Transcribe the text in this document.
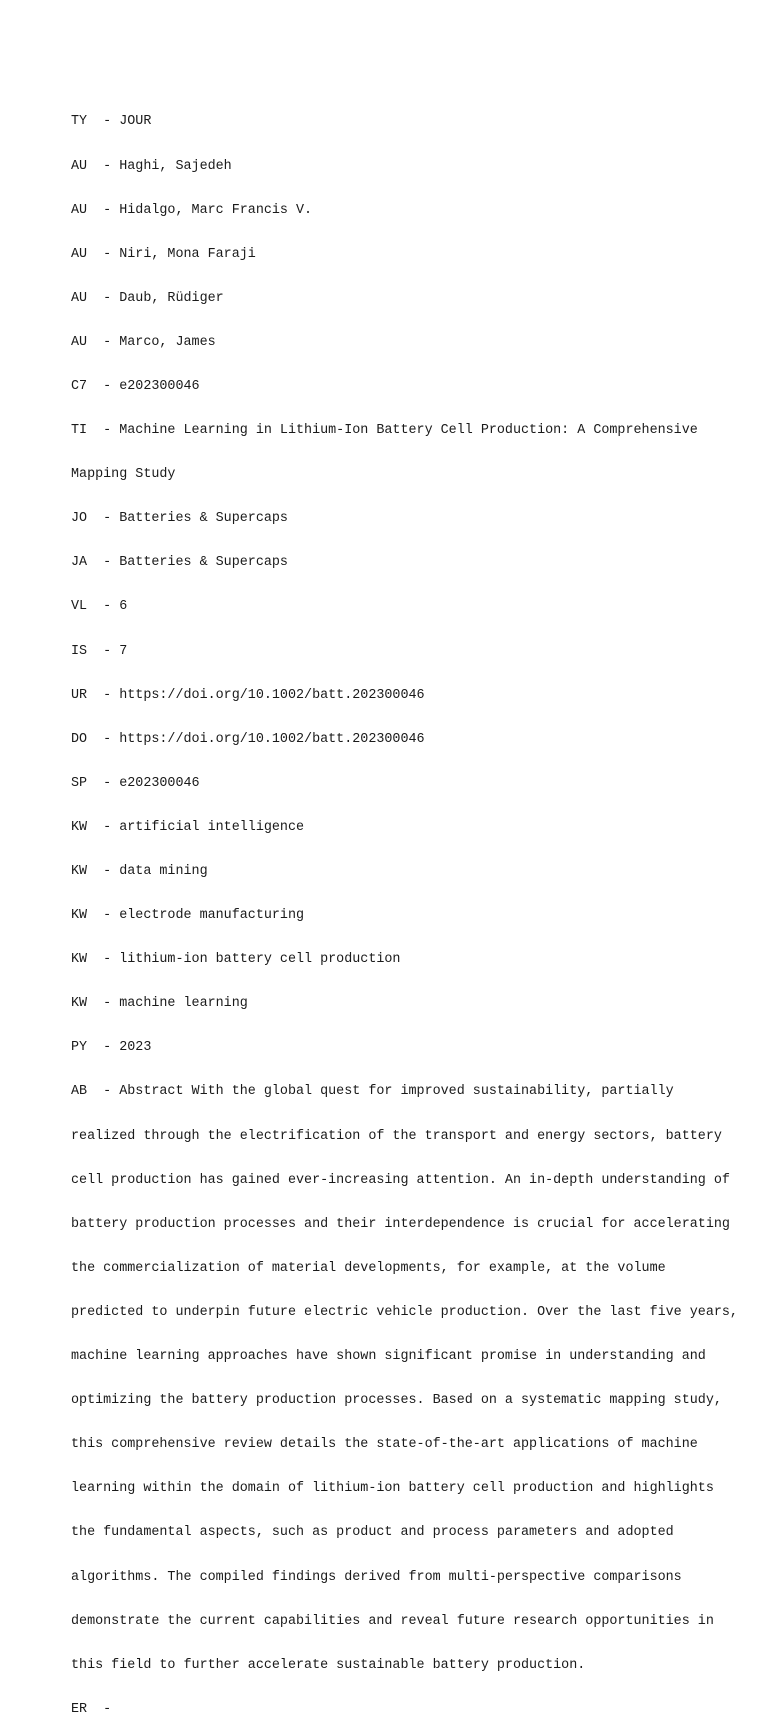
TY  - JOUR

AU  - Haghi, Sajedeh

AU  - Hidalgo, Marc Francis V.

AU  - Niri, Mona Faraji

AU  - Daub, Rüdiger

AU  - Marco, James

C7  - e202300046

TI  - Machine Learning in Lithium-Ion Battery Cell Production: A Comprehensive

Mapping Study

JO  - Batteries & Supercaps

JA  - Batteries & Supercaps

VL  - 6

IS  - 7

UR  - https://doi.org/10.1002/batt.202300046

DO  - https://doi.org/10.1002/batt.202300046

SP  - e202300046

KW  - artificial intelligence

KW  - data mining

KW  - electrode manufacturing

KW  - lithium-ion battery cell production

KW  - machine learning

PY  - 2023

AB  - Abstract With the global quest for improved sustainability, partially

realized through the electrification of the transport and energy sectors, battery

cell production has gained ever-increasing attention. An in-depth understanding of

battery production processes and their interdependence is crucial for accelerating

the commercialization of material developments, for example, at the volume

predicted to underpin future electric vehicle production. Over the last five years,

machine learning approaches have shown significant promise in understanding and

optimizing the battery production processes. Based on a systematic mapping study,

this comprehensive review details the state-of-the-art applications of machine

learning within the domain of lithium-ion battery cell production and highlights

the fundamental aspects, such as product and process parameters and adopted

algorithms. The compiled findings derived from multi-perspective comparisons

demonstrate the current capabilities and reveal future research opportunities in

this field to further accelerate sustainable battery production.

ER  -
